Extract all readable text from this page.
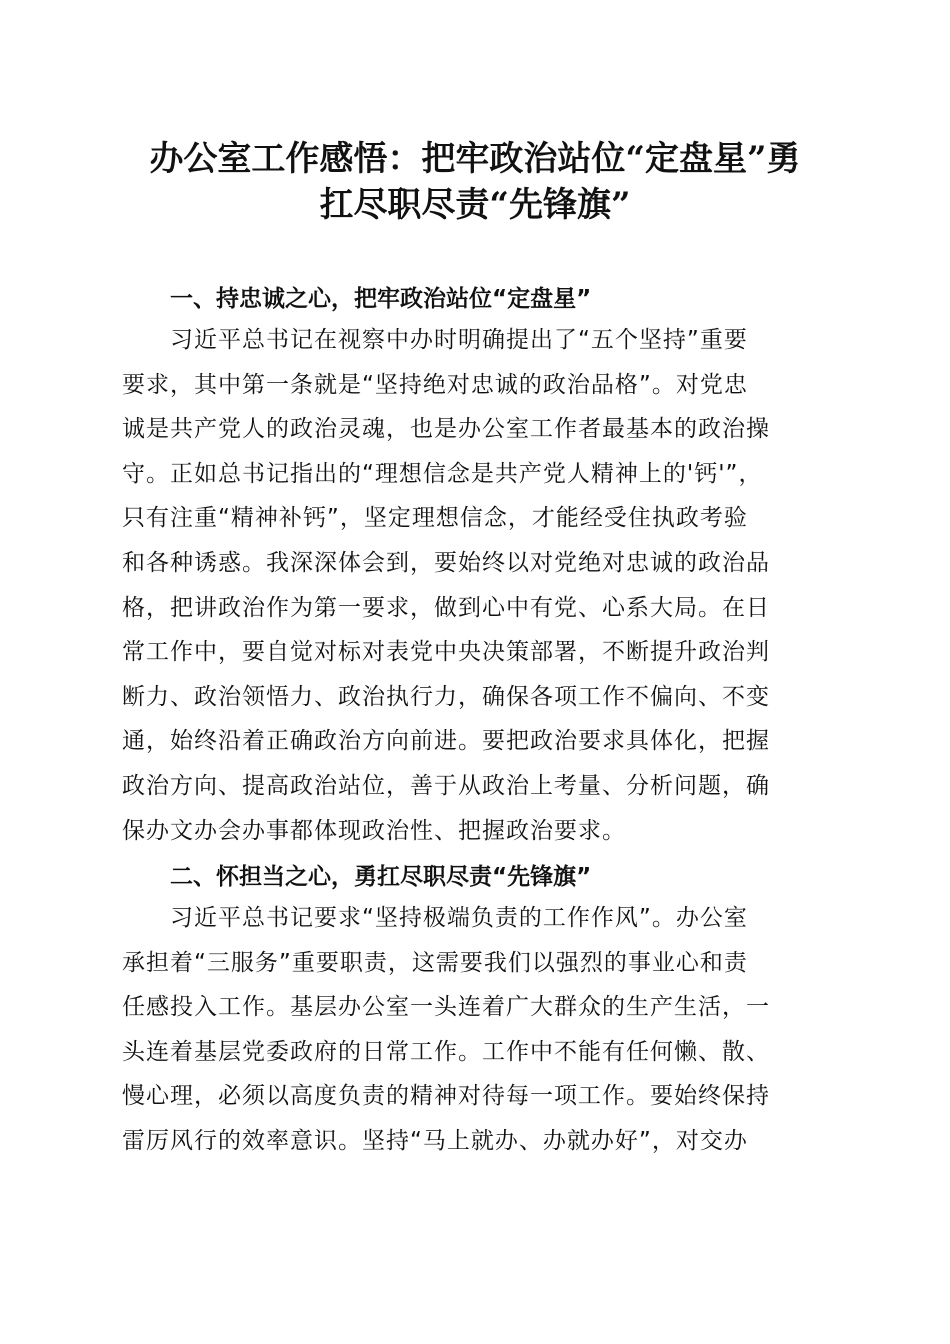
办公室工作感悟：把牢政治站位“定盘星”勇
扛尽职尽责“先锋旗”
一、持忠诚之心，把牢政治站位“定盘星”
　　习近平总书记在视察中办时明确提出了“五个坚持”重要
要求，其中第一条就是“坚持绝对忠诚的政治品格”。对党忠
诚是共产党人的政治灵魂，也是办公室工作者最基本的政治操
守。正如总书记指出的“理想信念是共产党人精神上的'钙'”，
只有注重“精神补钙”，坚定理想信念，才能经受住执政考验
和各种诱惑。我深深体会到，要始终以对党绝对忠诚的政治品
格，把讲政治作为第一要求，做到心中有党、心系大局。在日
常工作中，要自觉对标对表党中央决策部署，不断提升政治判
断力、政治领悟力、政治执行力，确保各项工作不偏向、不变
通，始终沿着正确政治方向前进。要把政治要求具体化，把握
政治方向、提高政治站位，善于从政治上考量、分析问题，确
保办文办会办事都体现政治性、把握政治要求。
二、怀担当之心，勇扛尽职尽责“先锋旗”
　　习近平总书记要求“坚持极端负责的工作作风”。办公室
承担着“三服务”重要职责，这需要我们以强烈的事业心和责
任感投入工作。基层办公室一头连着广大群众的生产生活，一
头连着基层党委政府的日常工作。工作中不能有任何懒、散、
慢心理，必须以高度负责的精神对待每一项工作。要始终保持
雷厉风行的效率意识。坚持“马上就办、办就办好”，对交办
